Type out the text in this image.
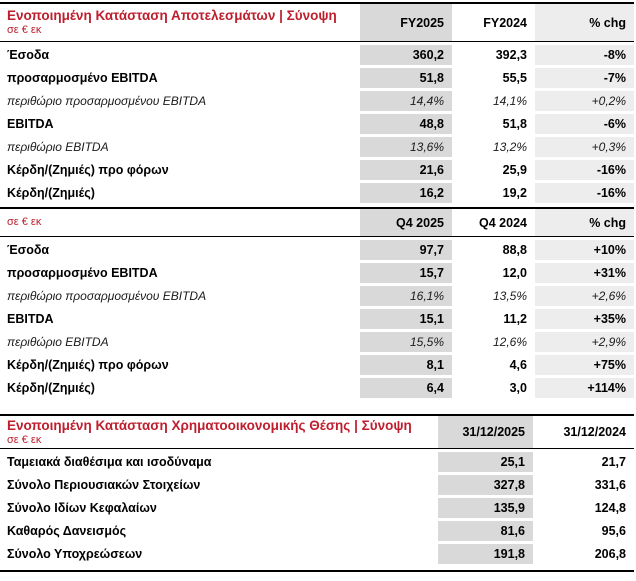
Ενοποιημένη Κατάσταση Αποτελεσμάτων | Σύνοψη
σε € εκ
FY2025	FY2024	% chg
Έσοδα	360,2	392,3	-8%
προσαρμοσμένο EBITDA	51,8	55,5	-7%
περιθώριο προσαρμοσμένου EBITDA	14,4%	14,1%	+0,2%
EBITDA	48,8	51,8	-6%
περιθώριο EBITDA	13,6%	13,2%	+0,3%
Κέρδη/(Ζημιές) προ φόρων	21,6	25,9	-16%
Κέρδη/(Ζημιές)	16,2	19,2	-16%
σε € εκ	Q4 2025	Q4 2024	% chg
Έσοδα	97,7	88,8	+10%
προσαρμοσμένο EBITDA	15,7	12,0	+31%
περιθώριο προσαρμοσμένου EBITDA	16,1%	13,5%	+2,6%
EBITDA	15,1	11,2	+35%
περιθώριο EBITDA	15,5%	12,6%	+2,9%
Κέρδη/(Ζημιές) προ φόρων	8,1	4,6	+75%
Κέρδη/(Ζημιές)	6,4	3,0	+114%
Ενοποιημένη Κατάσταση Χρηματοοικονομικής Θέσης | Σύνοψη
σε € εκ
31/12/2025	31/12/2024
Ταμειακά διαθέσιμα και ισοδύναμα	25,1	21,7
Σύνολο Περιουσιακών Στοιχείων	327,8	331,6
Σύνολο Ιδίων Κεφαλαίων	135,9	124,8
Καθαρός Δανεισμός	81,6	95,6
Σύνολο Υποχρεώσεων	191,8	206,8
